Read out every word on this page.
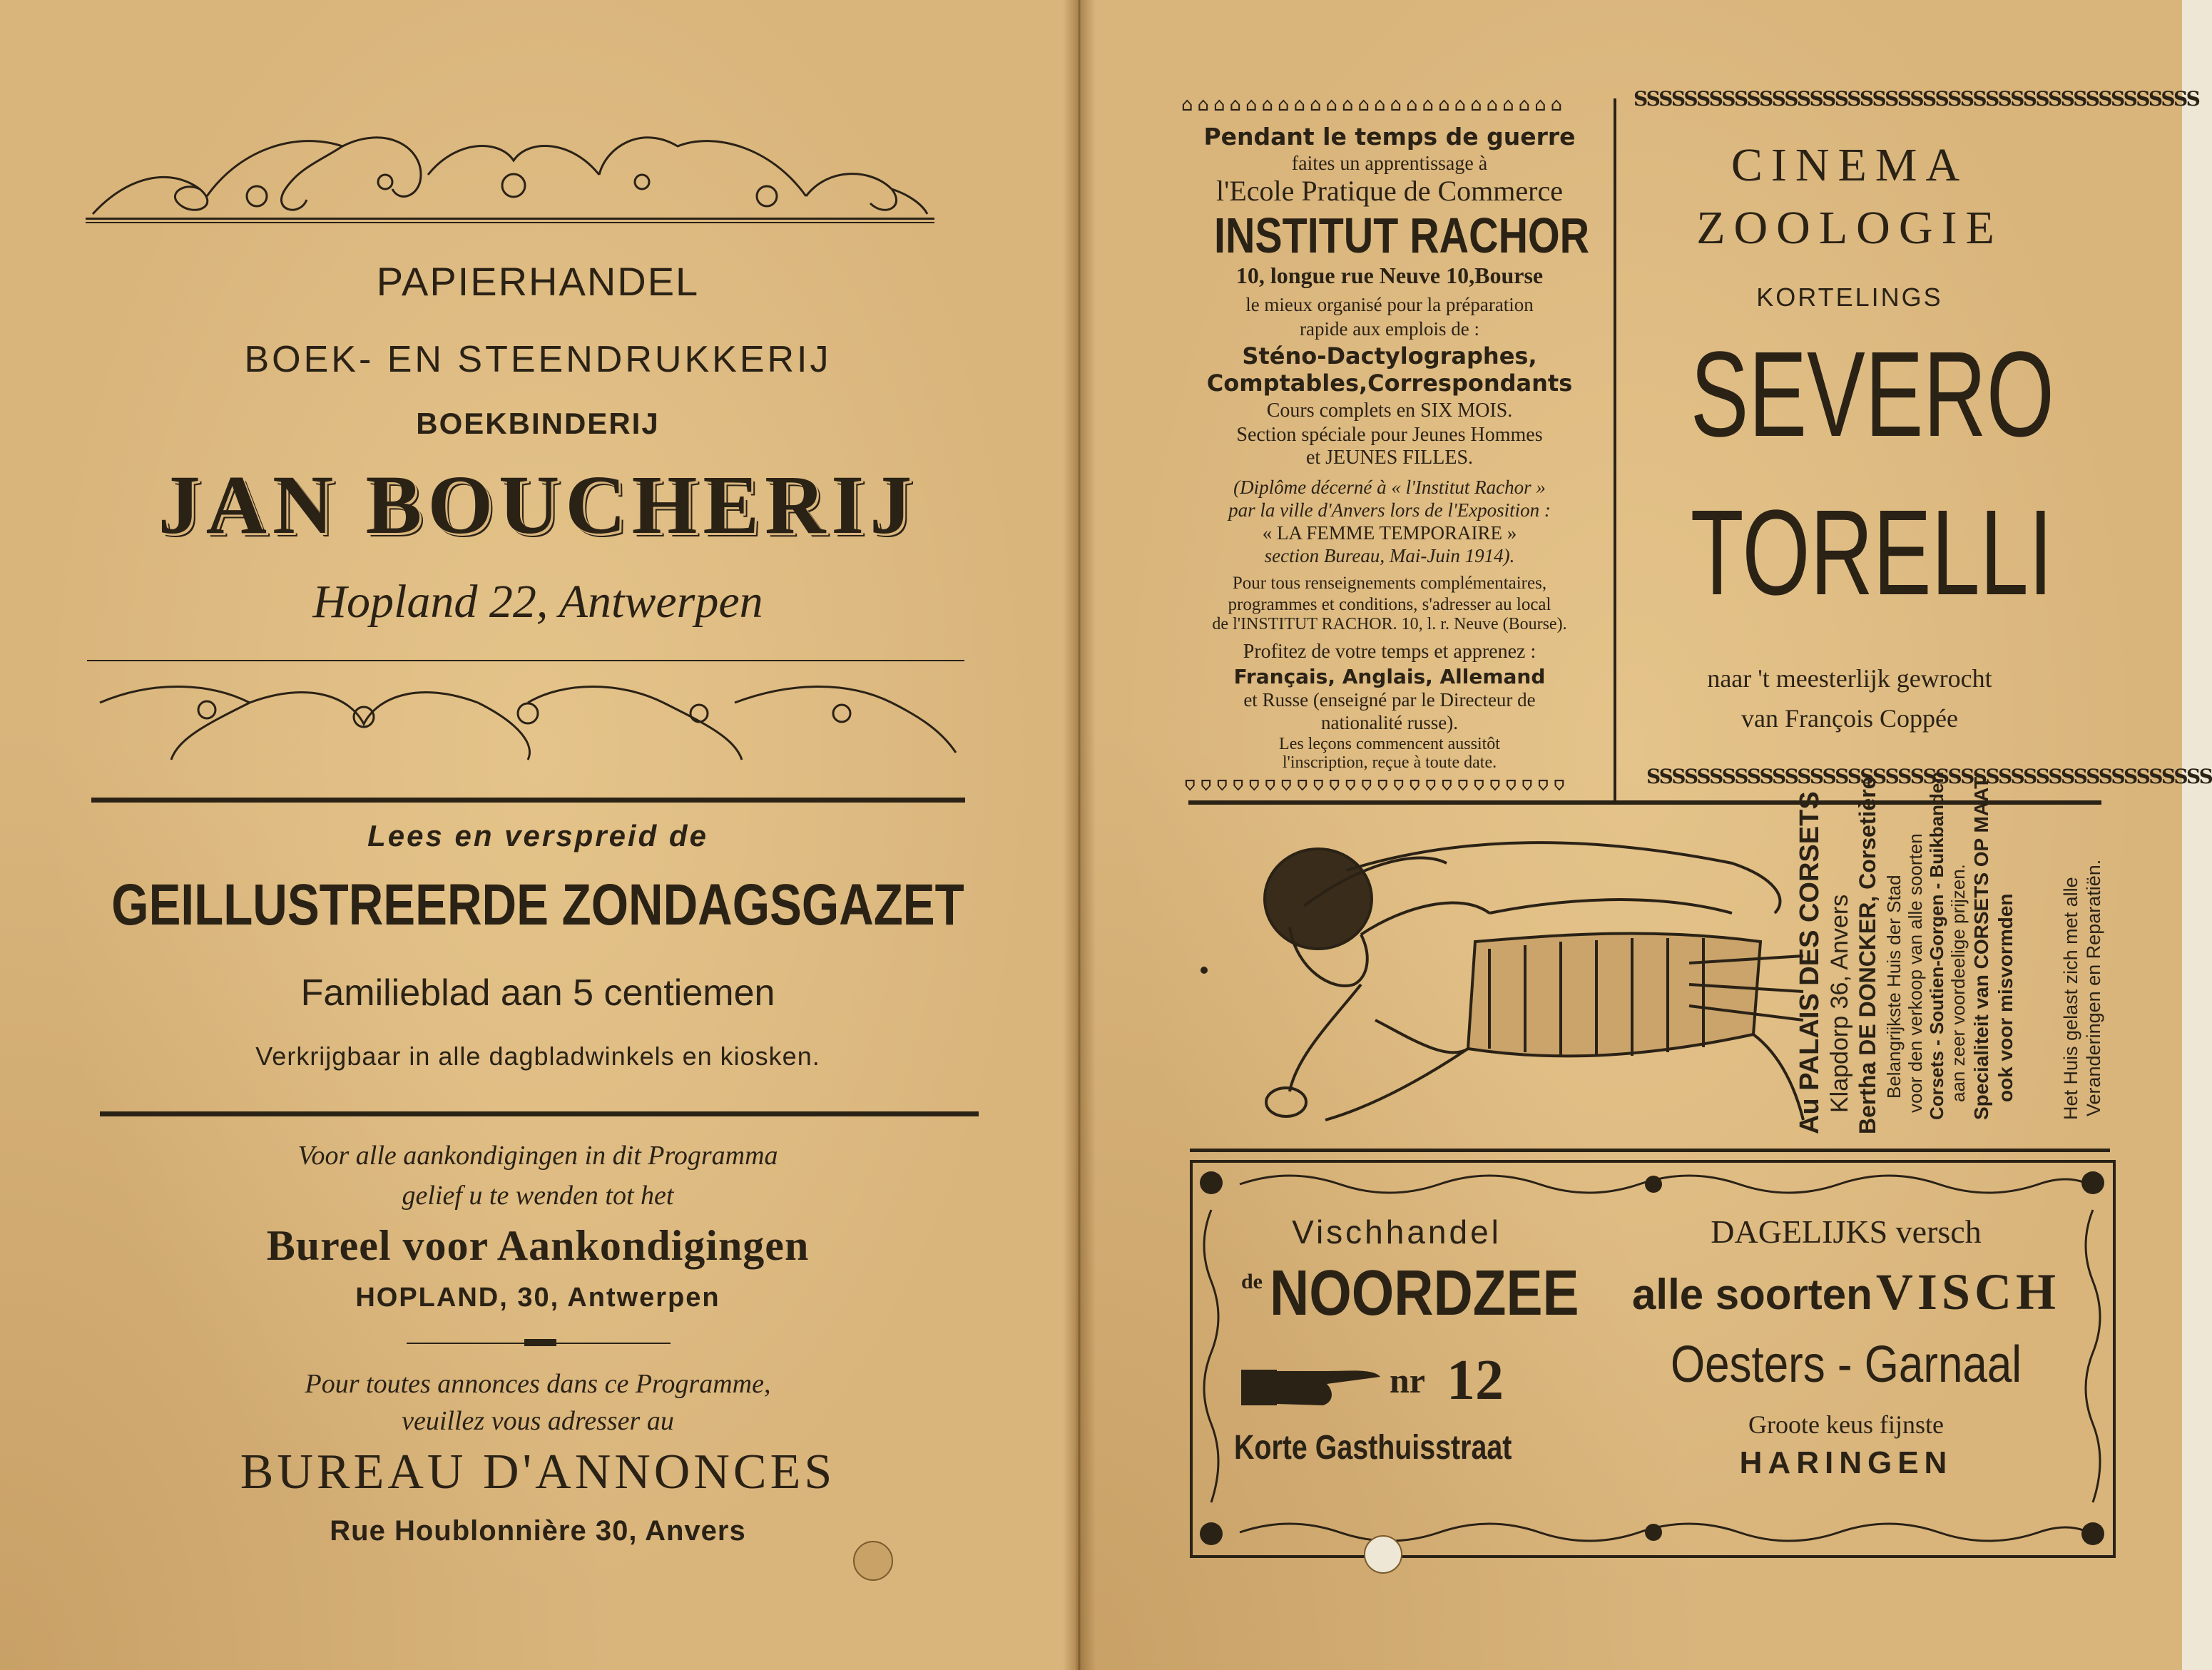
PAPIERHANDEL
BOEK- EN STEENDRUKKERIJ
BOEKBINDERIJ
JAN BOUCHERIJ
Hopland 22, Antwerpen
Lees en verspreid de
GEILLUSTREERDE ZONDAGSGAZET
Familieblad aan 5 centiemen
Verkrijgbaar in alle dagbladwinkels en kiosken.
Voor alle aankondigingen in dit Programma
gelief u te wenden tot het
Bureel voor Aankondigingen
HOPLAND, 30, Antwerpen
Pour toutes annonces dans ce Programme,
veuillez vous adresser au
BUREAU D'ANNONCES
Rue Houblonnière 30, Anvers
⌂⌂⌂⌂⌂⌂⌂⌂⌂⌂⌂⌂⌂⌂⌂⌂⌂⌂⌂⌂⌂⌂⌂⌂
Pendant le temps de guerre
faites un apprentissage à
l'Ecole Pratique de Commerce
INSTITUT RACHOR
10, longue rue Neuve 10,Bourse
le mieux organisé pour la préparation
rapide aux emplois de :
Sténo-Dactylographes,
Comptables,Correspondants
Cours complets en SIX MOIS.
Section spéciale pour Jeunes Hommes
et JEUNES FILLES.
(Diplôme décerné à « l'Institut Rachor »
par la ville d'Anvers lors de l'Exposition :
« LA FEMME TEMPORAIRE »
section Bureau, Mai-Juin 1914).
Pour tous renseignements complémentaires,
programmes et conditions, s'adresser au local
de l'INSTITUT RACHOR. 10, l. r. Neuve (Bourse).
Profitez de votre temps et apprenez :
Français, Anglais, Allemand
et Russe (enseigné par le Directeur de
nationalité russe).
Les leçons commencent aussitôt
l'inscription, reçue à toute date.
⌂⌂⌂⌂⌂⌂⌂⌂⌂⌂⌂⌂⌂⌂⌂⌂⌂⌂⌂⌂⌂⌂⌂⌂
SSSSSSSSSSSSSSSSSSSSSSSSSSSSSSSSSSSSSSSSSSSSS
CINEMA
ZOOLOGIE
KORTELINGS
SEVERO
TORELLI
naar 't meesterlijk gewrocht
van François Coppée
SSSSSSSSSSSSSSSSSSSSSSSSSSSSSSSSSSSSSSSSSSSSS
Au PALAIS DES CORSETS Klapdorp 36, Anvers Bertha DE DONCKER, Corsetière Belangrijkste Huis der Stad voor den verkoop van alle soorten Corsets - Soutien-Gorgen - Buikbanden aan zeer voordeelige prijzen. Specialiteit van CORSETS OP MAAT ook voor misvormden Het Huis gelast zich met alle Veranderingen en Reparatiën.
Vischhandel
de NOORDZEE
nr 12
Korte Gasthuisstraat
DAGELIJKS versch
alle soorten VISCH
Oesters - Garnaal
Groote keus fijnste
HARINGEN
